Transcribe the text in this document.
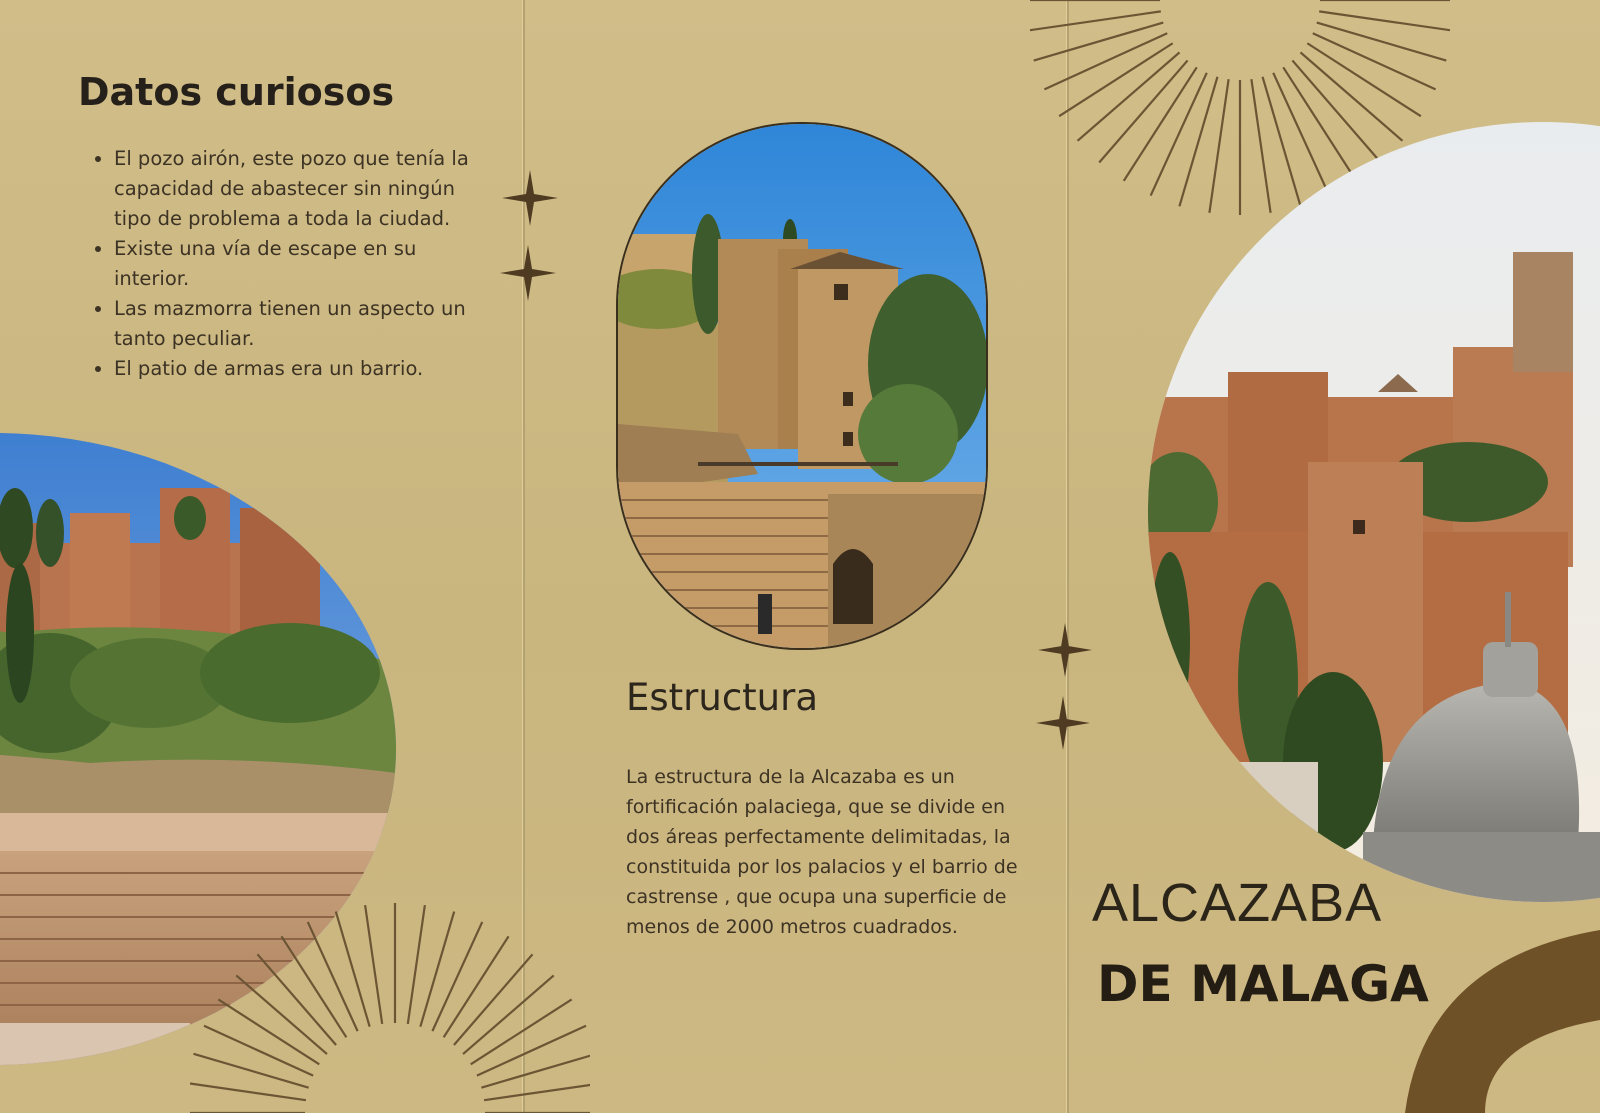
Datos curiosos
• El pozo airón, este pozo que tenía la capacidad de abastecer sin ningún tipo de problema a toda la ciudad.
• Existe una vía de escape en su interior.
• Las mazmorra tienen un aspecto un tanto peculiar.
• El patio de armas era un barrio.
Estructura

La estructura de la Alcazaba es un fortificación palaciega, que se divide en dos áreas perfectamente delimitadas, la constituida por los palacios y el barrio de castrense , que ocupa una superficie de menos de 2000 metros cuadrados.	ALCAZABA
DE MALAGA
